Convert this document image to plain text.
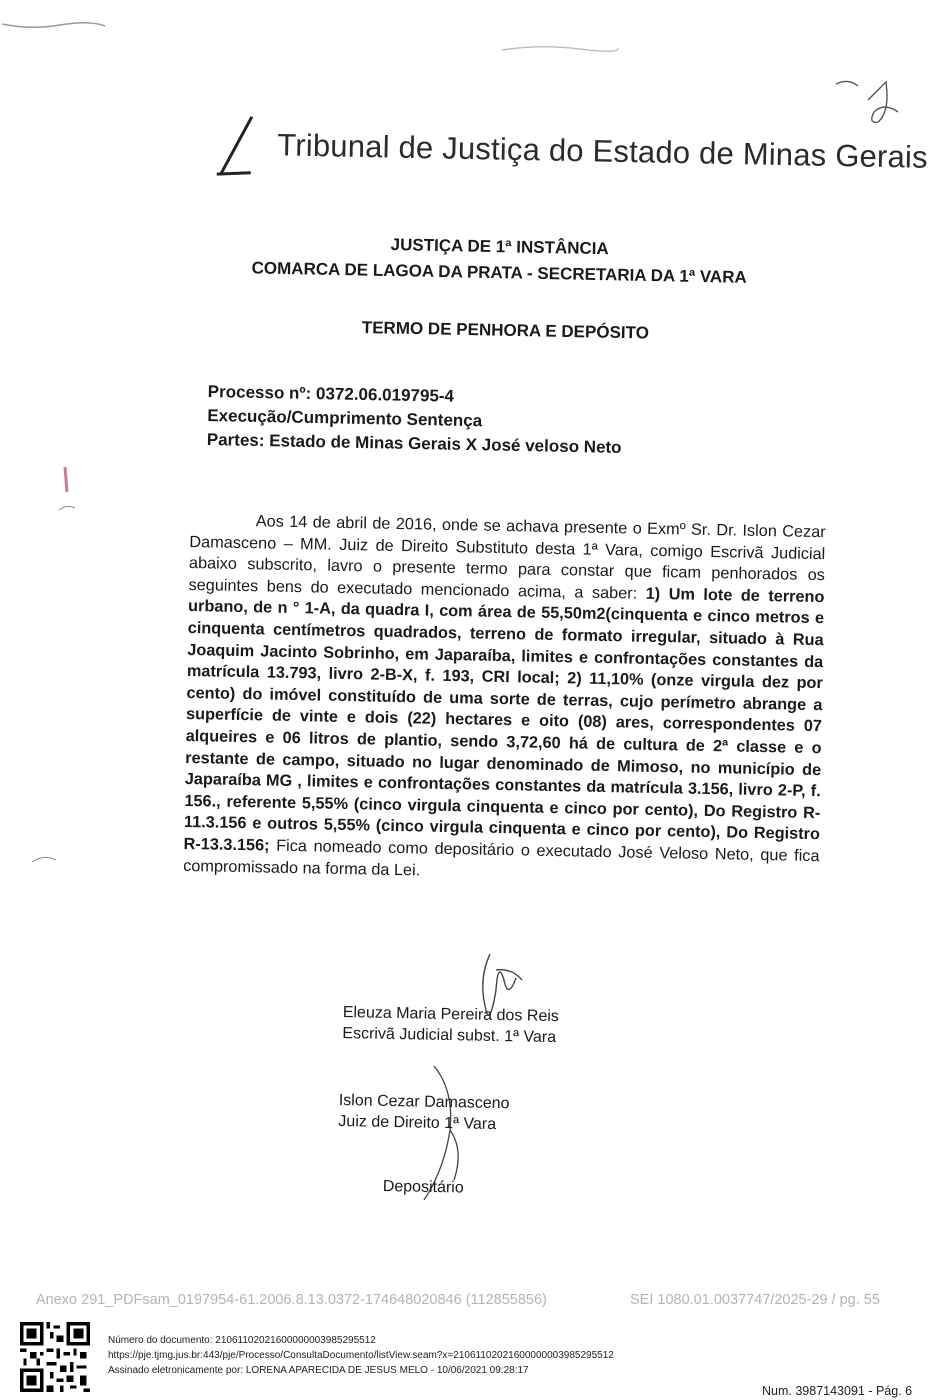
Tribunal de Justiça do Estado de Minas Gerais
JUSTIÇA DE 1ª INSTÂNCIA
COMARCA DE LAGOA DA PRATA - SECRETARIA DA 1ª VARA
TERMO DE PENHORA E DEPÓSITO
Processo nº: 0372.06.019795-4
Execução/Cumprimento Sentença
Partes: Estado de Minas Gerais X José veloso Neto

Aos 14 de abril de 2016, onde se achava presente o Exmº Sr. Dr. Islon Cezar Damasceno – MM. Juiz de Direito Substituto desta 1ª Vara, comigo Escrivã Judicial abaixo subscrito, lavro o presente termo para constar que ficam penhorados os seguintes bens do executado mencionado acima, a saber: 1) Um lote de terreno urbano, de n ° 1-A, da quadra I, com área de 55,50m2(cinquenta e cinco metros e cinquenta centímetros quadrados, terreno de formato irregular, situado à Rua Joaquim Jacinto Sobrinho, em Japaraíba, limites e confrontações constantes da matrícula 13.793, livro 2-B-X, f. 193, CRI local; 2) 11,10% (onze virgula dez por cento) do imóvel constituído de uma sorte de terras, cujo perímetro abrange a superfície de vinte e dois (22) hectares e oito (08) ares, correspondentes 07 alqueires e 06 litros de plantio, sendo 3,72,60 há de cultura de 2ª classe e o restante de campo, situado no lugar denominado de Mimoso, no município de Japaraíba MG , limites e confrontações constantes da matrícula 3.156, livro 2-P, f. 156., referente 5,55% (cinco virgula cinquenta e cinco por cento), Do Registro R-11.3.156 e outros 5,55% (cinco virgula cinquenta e cinco por cento), Do Registro R-13.3.156; Fica nomeado como depositário o executado José Veloso Neto, que fica compromissado na forma da Lei.

Eleuza Maria Pereira dos Reis
Escrivã Judicial subst. 1ª Vara
Islon Cezar Damasceno
Juiz de Direito 1ª Vara
Depositário
Anexo 291_PDFsam_0197954-61.2006.8.13.0372-174648020846 (112855856)	SEI 1080.01.0037747/2025-29 / pg. 55
Número do documento: 21061102021600000003985295512
https://pje.tjmg.jus.br:443/pje/Processo/ConsultaDocumento/listView.seam?x=21061102021600000003985295512
Assinado eletronicamente por: LORENA APARECIDA DE JESUS MELO - 10/06/2021 09:28:17
Num. 3987143091 - Pág. 6
